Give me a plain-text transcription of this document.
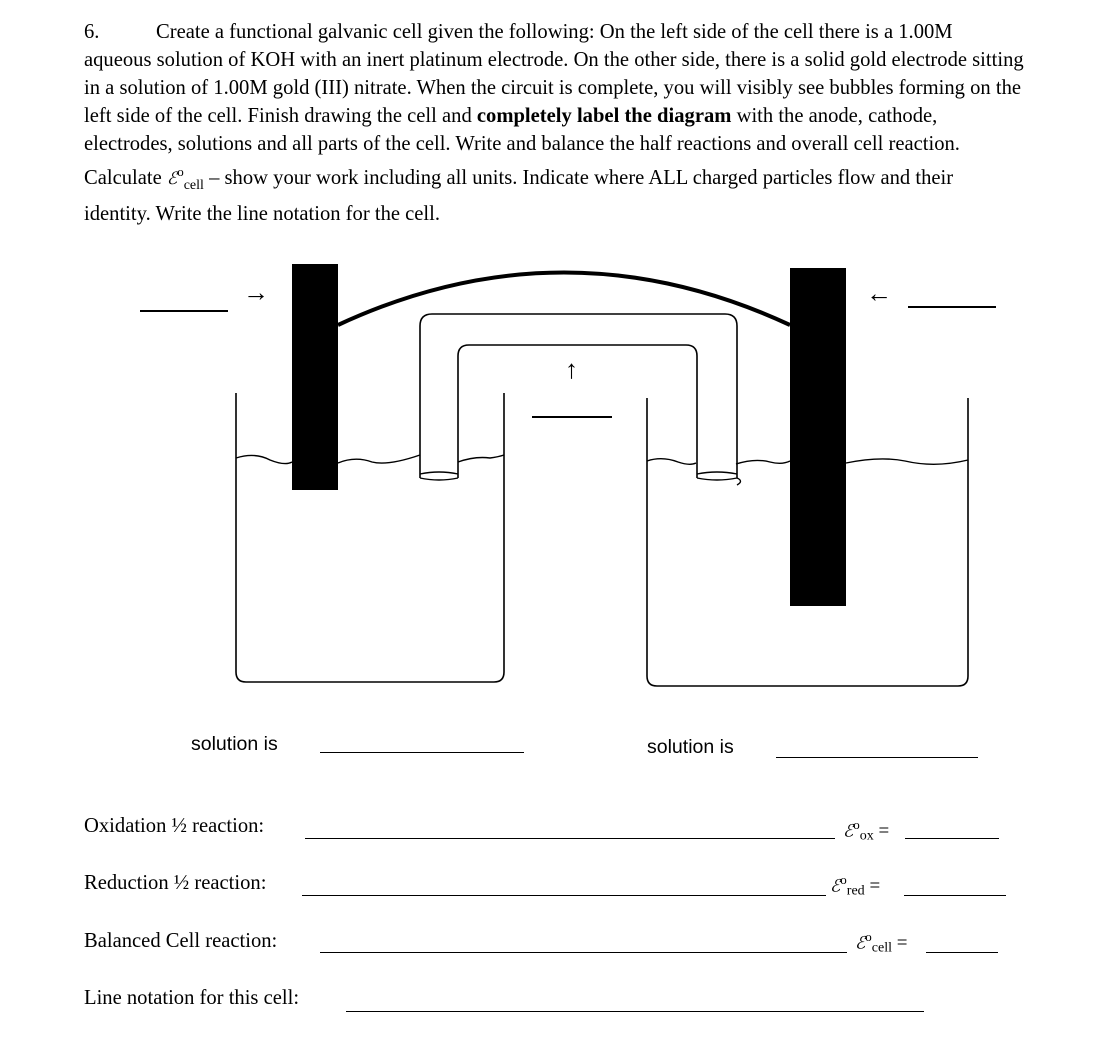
6.	Create a functional galvanic cell given the following: On the left side of the cell there is a 1.00M aqueous solution of KOH with an inert platinum electrode. On the other side, there is a solid gold electrode sitting in a solution of 1.00M gold (III) nitrate. When the circuit is complete, you will visibly see bubbles forming on the left side of the cell. Finish drawing the cell and completely label the diagram with the anode, cathode, electrodes, solutions and all parts of the cell. Write and balance the half reactions and overall cell reaction. Calculate ℰ$^o_{cell}$ – show your work including all units. Indicate where ALL charged particles flow and their identity. Write the line notation for the cell.
→	←
↑
solution is	solution is
Oxidation ½ reaction:	ℰ$^o_{ox}$ =
Reduction ½ reaction:	ℰ$^o_{red}$ =
Balanced Cell reaction:	ℰ$^o_{cell}$ =
Line notation for this cell:
